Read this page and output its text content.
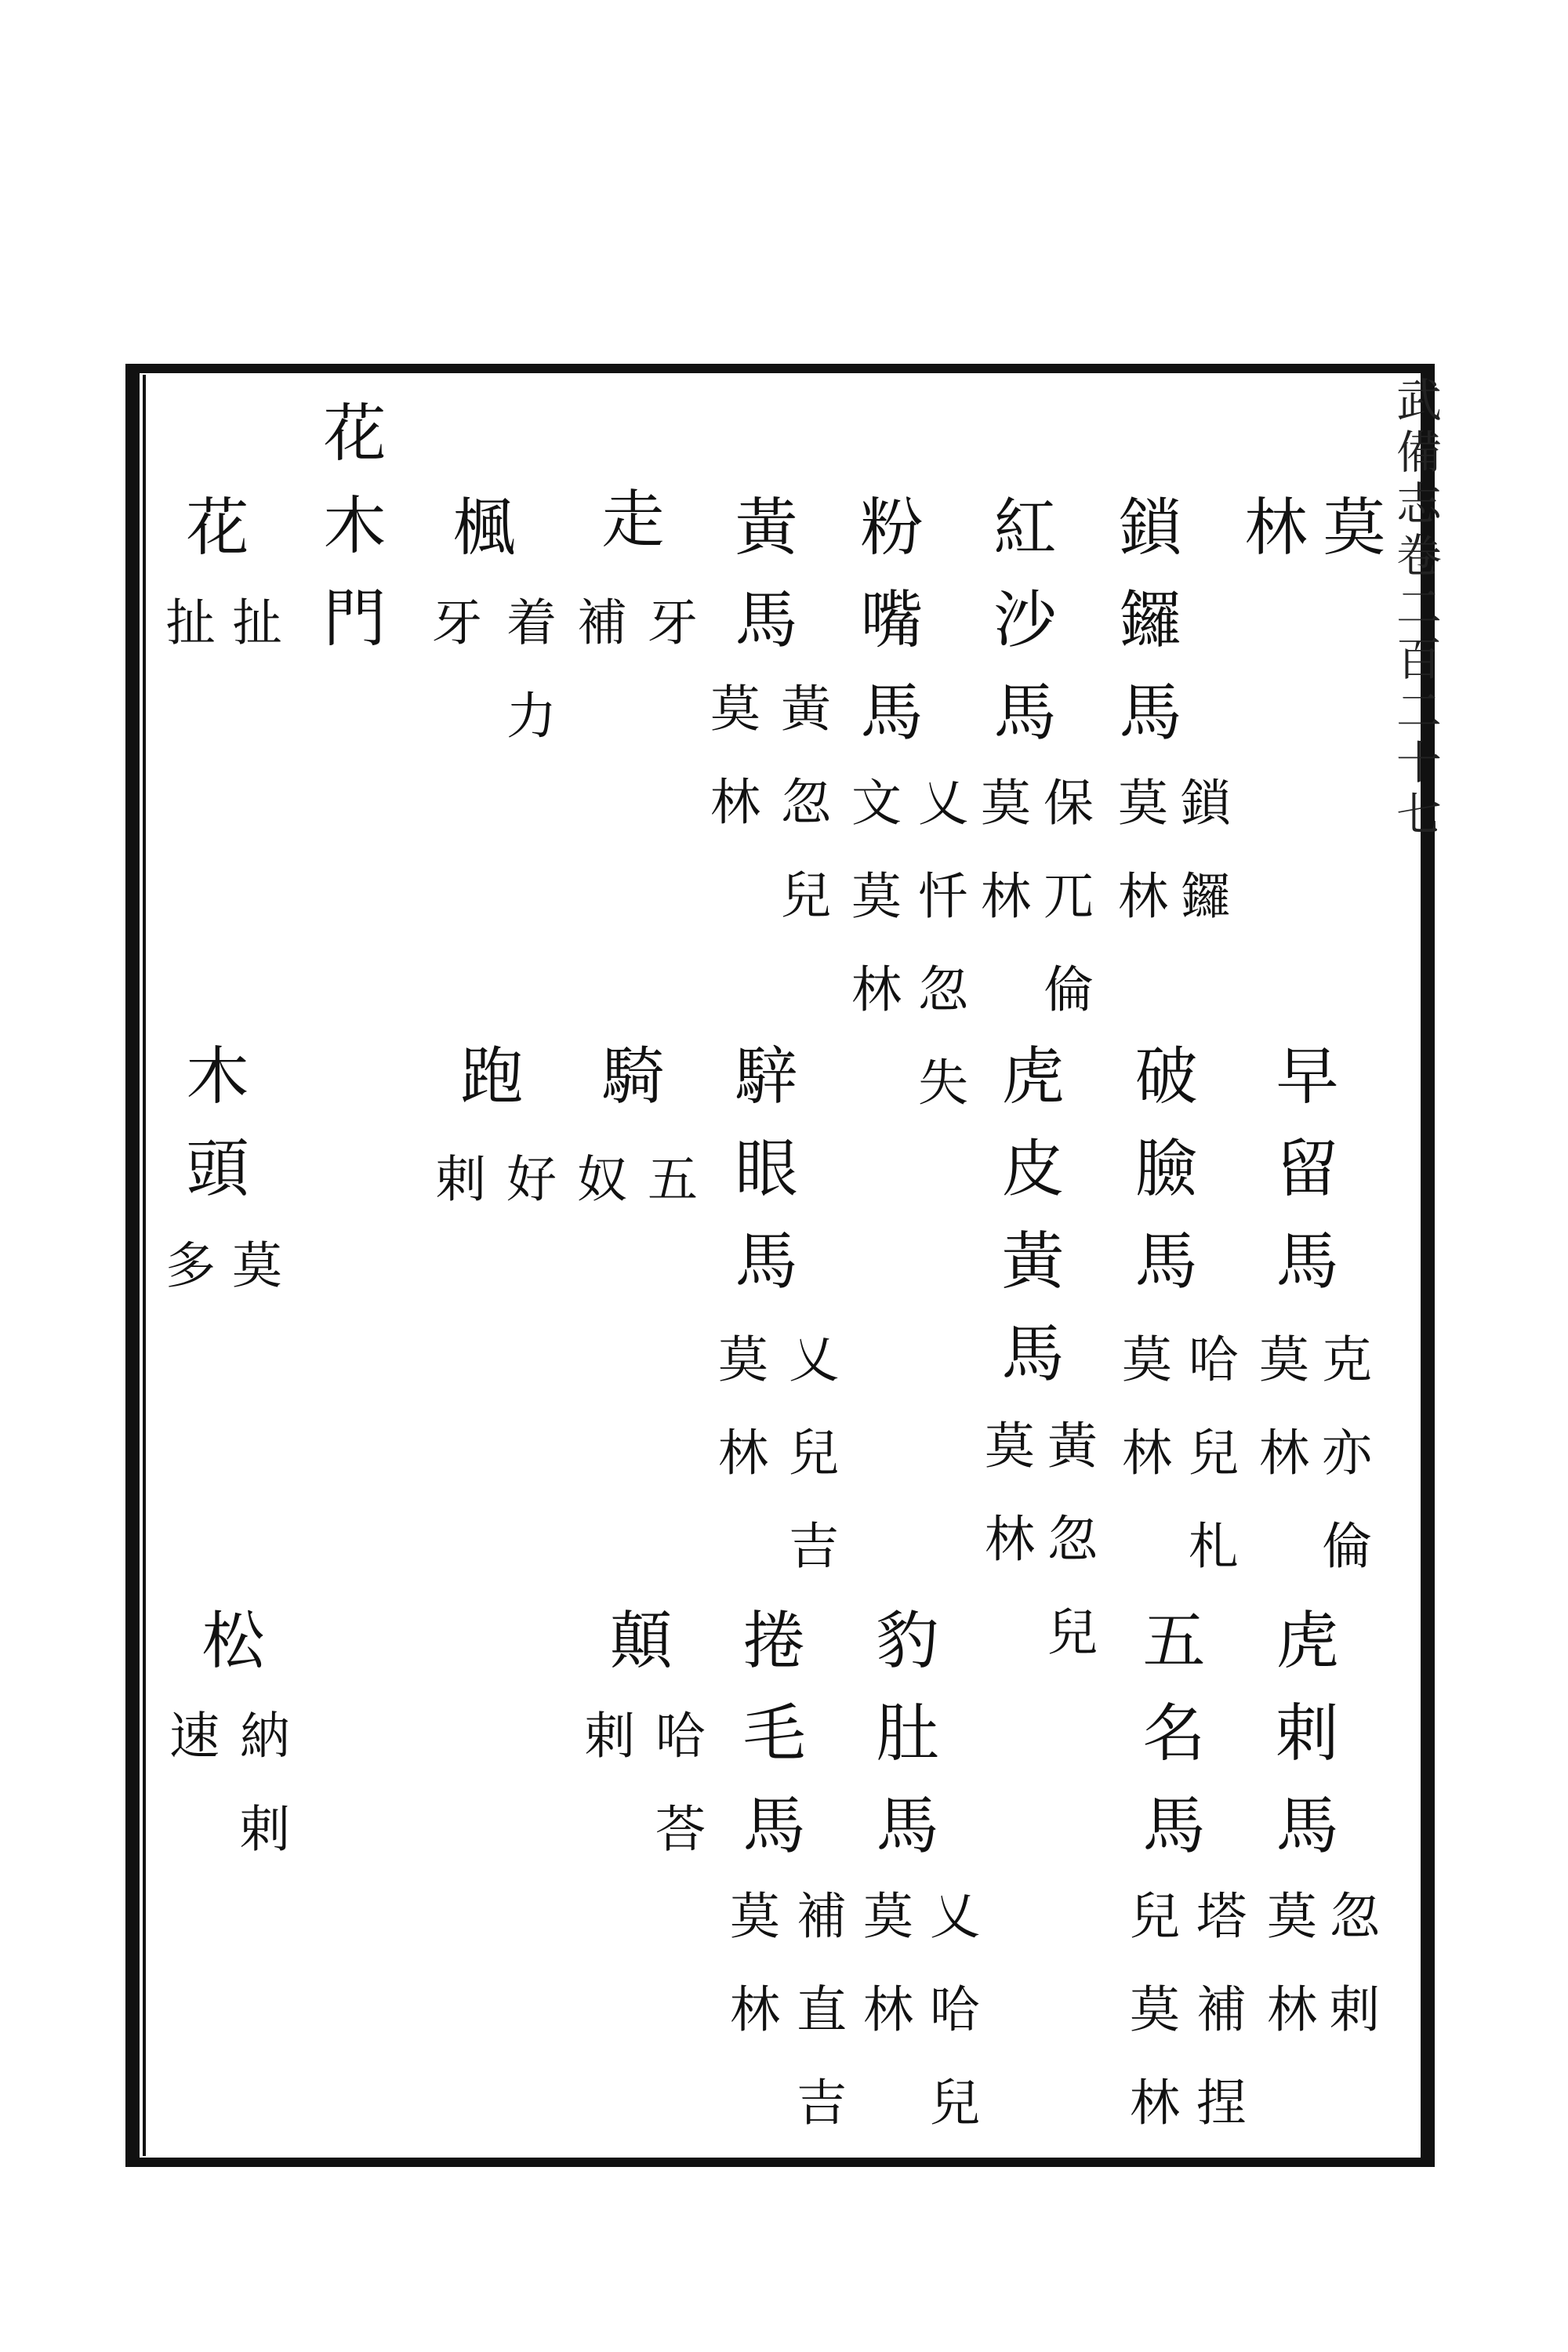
武備志卷二百二十七
莫
林
鎖鑼馬
鎖鑼
莫林
紅沙馬
保兀倫
莫林
粉嘴馬
乂忏忽失
文莫林
黃馬
黃忽兒
莫林
走
牙
補
着力
楓
牙
花木門
花
扯
扯
早留馬
克亦倫
莫林
破臉馬
哈兒札
莫林
虎皮黃馬
黃忽兒
莫林
騂眼馬
乂兒吉
莫林
騎
五
奴
跑
好
剌
木頭
莫
多
虎剌馬
忽剌
莫林
五名馬
塔補捏
兒莫林
豹肚馬
乂哈兒
莫林
捲毛馬
補直吉
莫林
顛
哈荅
剌
松
納剌
速
